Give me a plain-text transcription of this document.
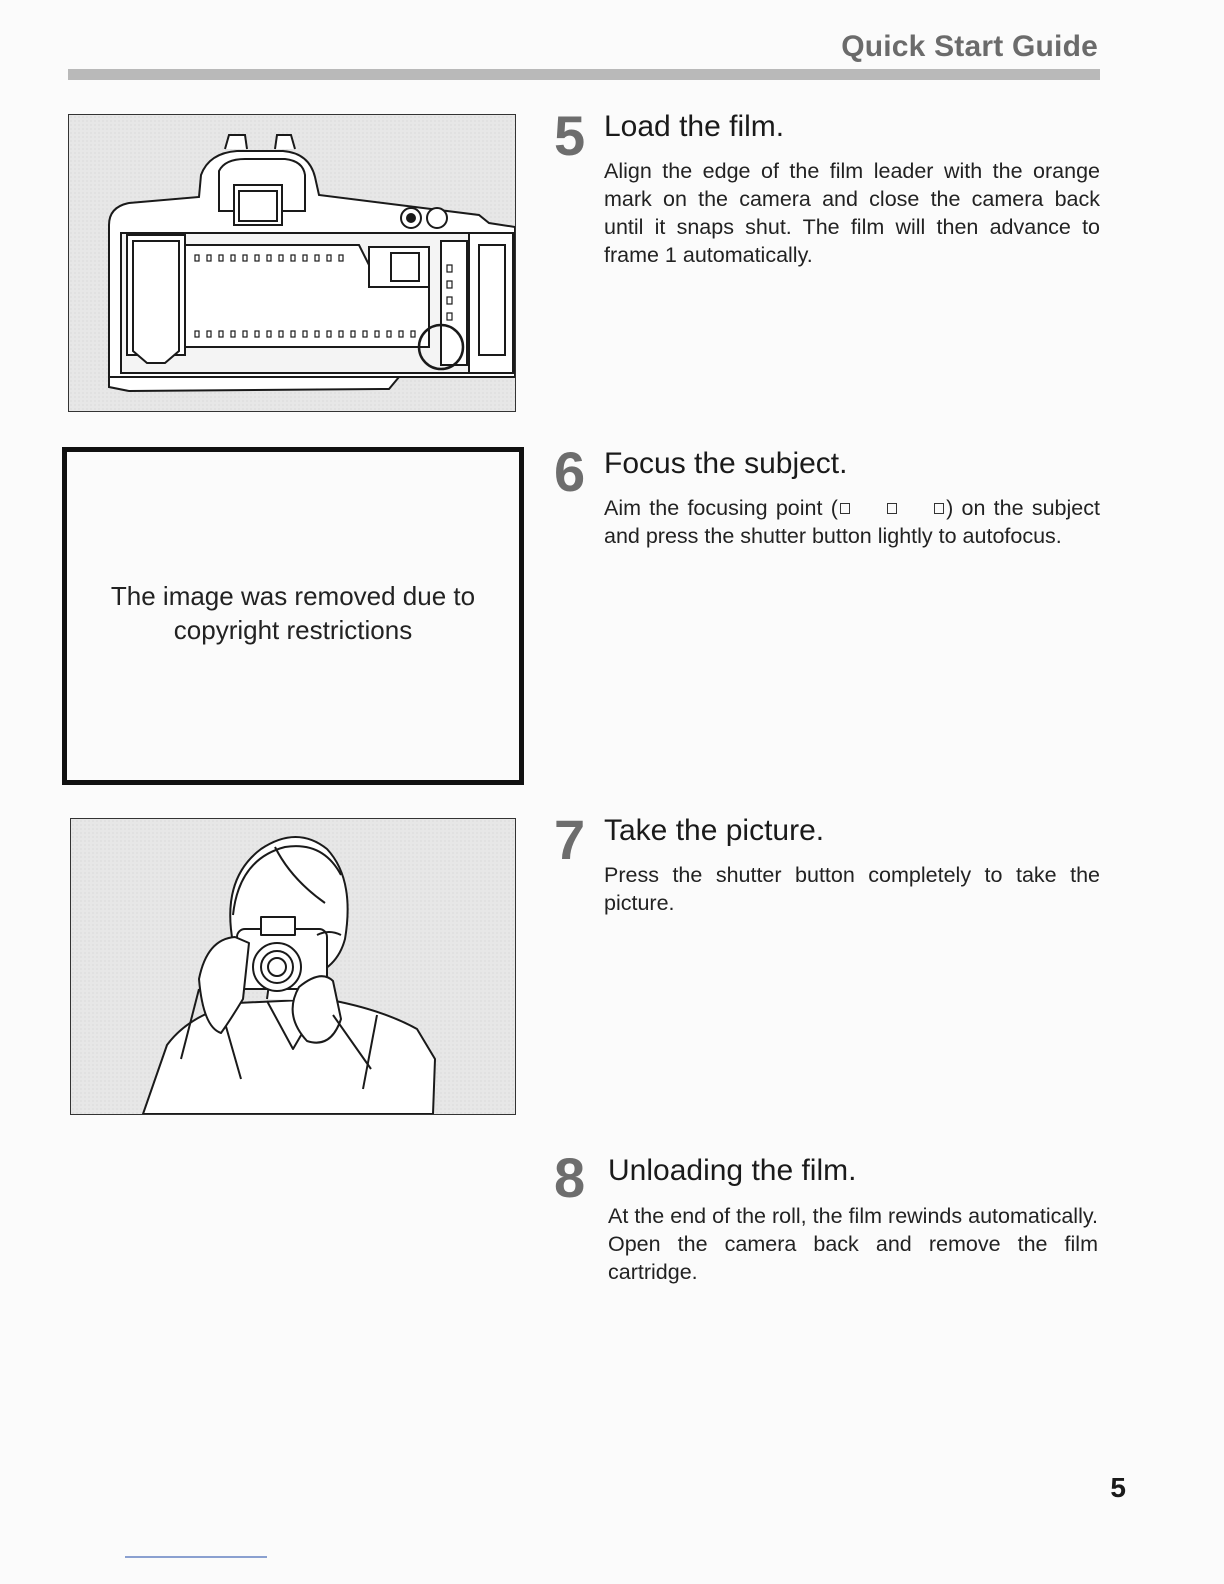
Quick Start Guide
The image was removed due to copyright restrictions
5 Load the film.
Align the edge of the film leader with the orange mark on the camera and close the camera back until it snaps shut. The film will then advance to frame 1 automatically.
6 Focus the subject.
Aim the focusing point (	) on the subject and press the shutter button lightly to autofocus.
7 Take the picture.
Press the shutter button completely to take the picture.
8 Unloading the film.
At the end of the roll, the film rewinds automatically. Open the camera back and remove the film cartridge.
5
